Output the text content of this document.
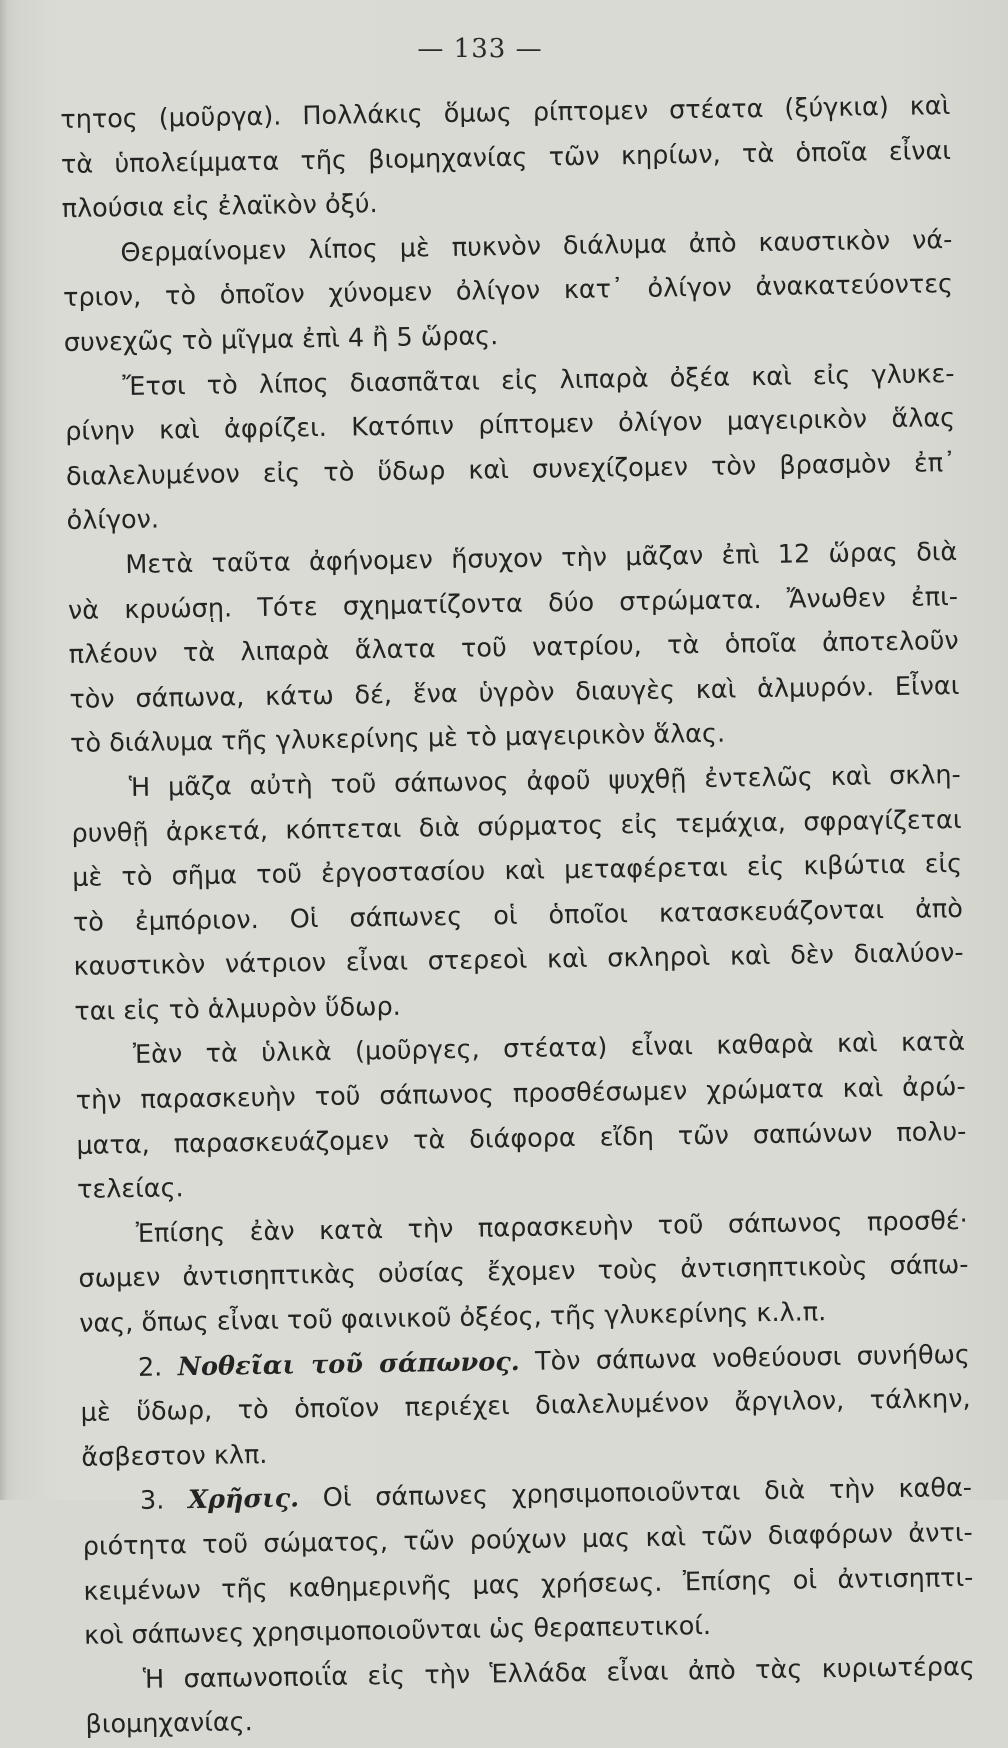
— 133 —
τητος (μοῦργα). Πολλάκις ὅμως ρίπτομεν στέατα (ξύγκια) καὶ
τὰ ὑπολείμματα τῆς βιομηχανίας τῶν κηρίων, τὰ ὁποῖα εἶναι
πλούσια εἰς ἐλαϊκὸν ὀξύ.
Θερμαίνομεν λίπος μὲ πυκνὸν διάλυμα ἀπὸ καυστικὸν νά-
τριον, τὸ ὁποῖον χύνομεν ὀλίγον κατ᾽ ὀλίγον ἀνακατεύοντες
συνεχῶς τὸ μῖγμα ἐπὶ 4 ἢ 5 ὥρας.
Ἔτσι τὸ λίπος διασπᾶται εἰς λιπαρὰ ὀξέα καὶ εἰς γλυκε-
ρίνην καὶ ἀφρίζει. Κατόπιν ρίπτομεν ὀλίγον μαγειρικὸν ἅλας
διαλελυμένον εἰς τὸ ὕδωρ καὶ συνεχίζομεν τὸν βρασμὸν ἐπ᾽
ὀλίγον.
Μετὰ ταῦτα ἀφήνομεν ἥσυχον τὴν μᾶζαν ἐπὶ 12 ὥρας διὰ
νὰ κρυώσῃ. Τότε σχηματίζοντα δύο στρώματα. Ἄνωθεν ἐπι-
πλέουν τὰ λιπαρὰ ἅλατα τοῦ νατρίου, τὰ ὁποῖα ἀποτελοῦν
τὸν σάπωνα, κάτω δέ, ἕνα ὑγρὸν διαυγὲς καὶ ἁλμυρόν. Εἶναι
τὸ διάλυμα τῆς γλυκερίνης μὲ τὸ μαγειρικὸν ἅλας.
Ἡ μᾶζα αὐτὴ τοῦ σάπωνος ἀφοῦ ψυχθῇ ἐντελῶς καὶ σκλη-
ρυνθῇ ἀρκετά, κόπτεται διὰ σύρματος εἰς τεμάχια, σφραγίζεται
μὲ τὸ σῆμα τοῦ ἐργοστασίου καὶ μεταφέρεται εἰς κιβώτια εἰς
τὸ ἐμπόριον. Οἱ σάπωνες οἱ ὁποῖοι κατασκευάζονται ἀπὸ
καυστικὸν νάτριον εἶναι στερεοὶ καὶ σκληροὶ καὶ δὲν διαλύον-
ται εἰς τὸ ἁλμυρὸν ὕδωρ.
Ἐὰν τὰ ὑλικὰ (μοῦργες, στέατα) εἶναι καθαρὰ καὶ κατὰ
τὴν παρασκευὴν τοῦ σάπωνος προσθέσωμεν χρώματα καὶ ἀρώ-
ματα, παρασκευάζομεν τὰ διάφορα εἴδη τῶν σαπώνων πολυ-
τελείας.
Ἐπίσης ἐὰν κατὰ τὴν παρασκευὴν τοῦ σάπωνος προσθέ·
σωμεν ἀντισηπτικὰς οὐσίας ἔχομεν τοὺς ἀντισηπτικοὺς σάπω-
νας, ὅπως εἶναι τοῦ φαινικοῦ ὀξέος, τῆς γλυκερίνης κ.λ.π.
2. Νοθεῖαι τοῦ σάπωνος. Τὸν σάπωνα νοθεύουσι συνήθως
μὲ ὕδωρ, τὸ ὁποῖον περιέχει διαλελυμένον ἄργιλον, τάλκην,
ἄσβεστον κλπ.
3. Χρῆσις. Οἱ σάπωνες χρησιμοποιοῦνται διὰ τὴν καθα-
ριότητα τοῦ σώματος, τῶν ρούχων μας καὶ τῶν διαφόρων ἀντι-
κειμένων τῆς καθημερινῆς μας χρήσεως. Ἐπίσης οἱ ἀντισηπτι-
κοὶ σάπωνες χρησιμοποιοῦνται ὡς θεραπευτικοί.
Ἡ σαπωνοποιΐα εἰς τὴν Ἑλλάδα εἶναι ἀπὸ τὰς κυριωτέρας
βιομηχανίας.
